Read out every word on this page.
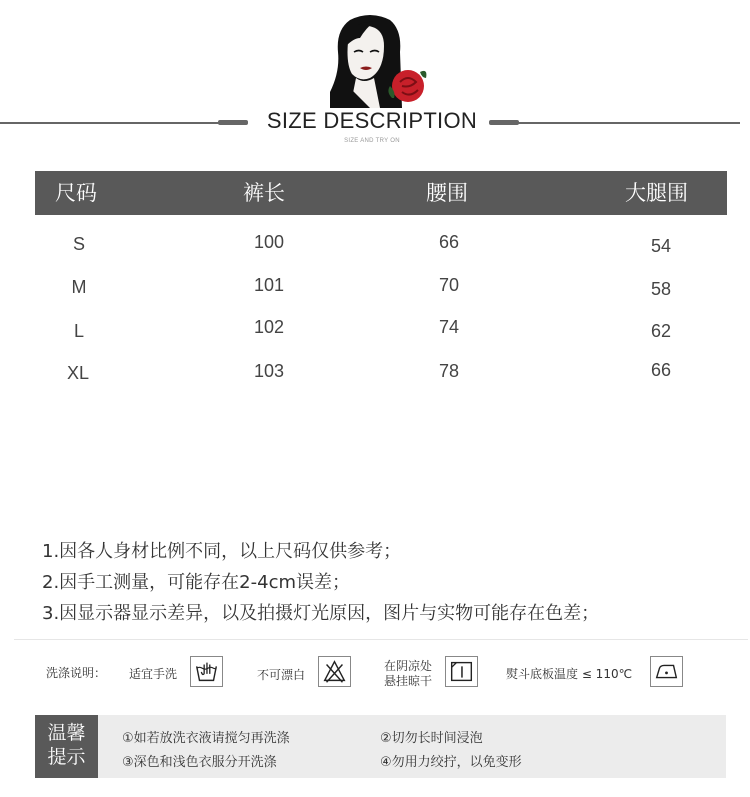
SIZE DESCRIPTION
SIZE AND TRY ON
尺码	裤长	腰围	大腿围
S	100	66	54
M	101	70	58
L	102	74	62
XL	103	78	66
1.因各人身材比例不同，以上尺码仅供参考；
2.因手工测量，可能存在2-4cm误差；
3.因显示器显示差异，以及拍摄灯光原因，图片与实物可能存在色差；
洗涤说明： 适宜手洗	不可漂白
在阴凉处
悬挂晾干	熨斗底板温度 ≤ 110℃
温馨
提示
①如若放洗衣液请搅匀再洗涤	②切勿长时间浸泡
③深色和浅色衣服分开洗涤	④勿用力绞拧，以免变形
